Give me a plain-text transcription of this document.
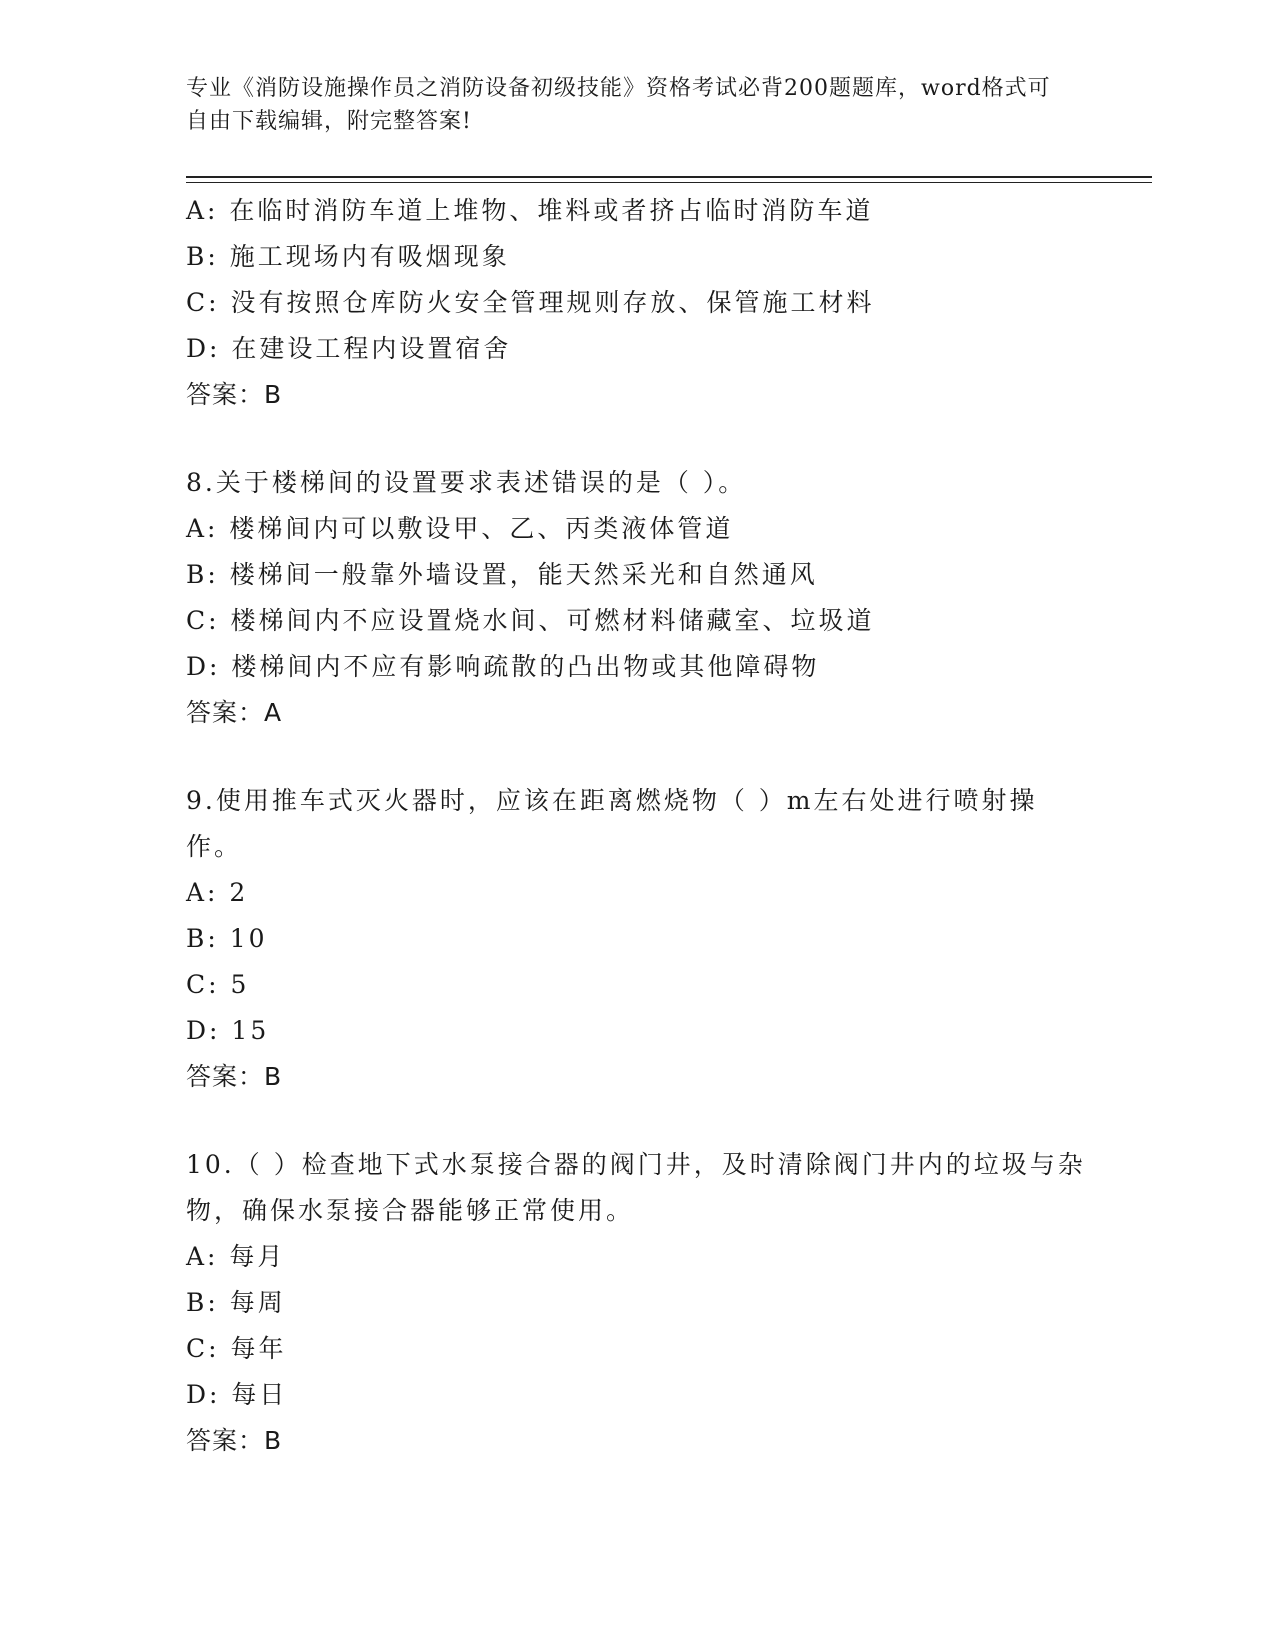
专业《消防设施操作员之消防设备初级技能》资格考试必背200题题库，word格式可自由下载编辑，附完整答案!
A: 在临时消防车道上堆物、堆料或者挤占临时消防车道
B: 施工现场内有吸烟现象
C: 没有按照仓库防火安全管理规则存放、保管施工材料
D: 在建设工程内设置宿舍
答案：B
8.关于楼梯间的设置要求表述错误的是（ ）。
A: 楼梯间内可以敷设甲、乙、丙类液体管道
B: 楼梯间一般靠外墙设置，能天然采光和自然通风
C: 楼梯间内不应设置烧水间、可燃材料储藏室、垃圾道
D: 楼梯间内不应有影响疏散的凸出物或其他障碍物
答案：A
9.使用推车式灭火器时，应该在距离燃烧物（ ）m左右处进行喷射操作。
A: 2
B: 10
C: 5
D: 15
答案：B
10.（ ）检查地下式水泵接合器的阀门井，及时清除阀门井内的垃圾与杂物，确保水泵接合器能够正常使用。
A: 每月
B: 每周
C: 每年
D: 每日
答案：B
